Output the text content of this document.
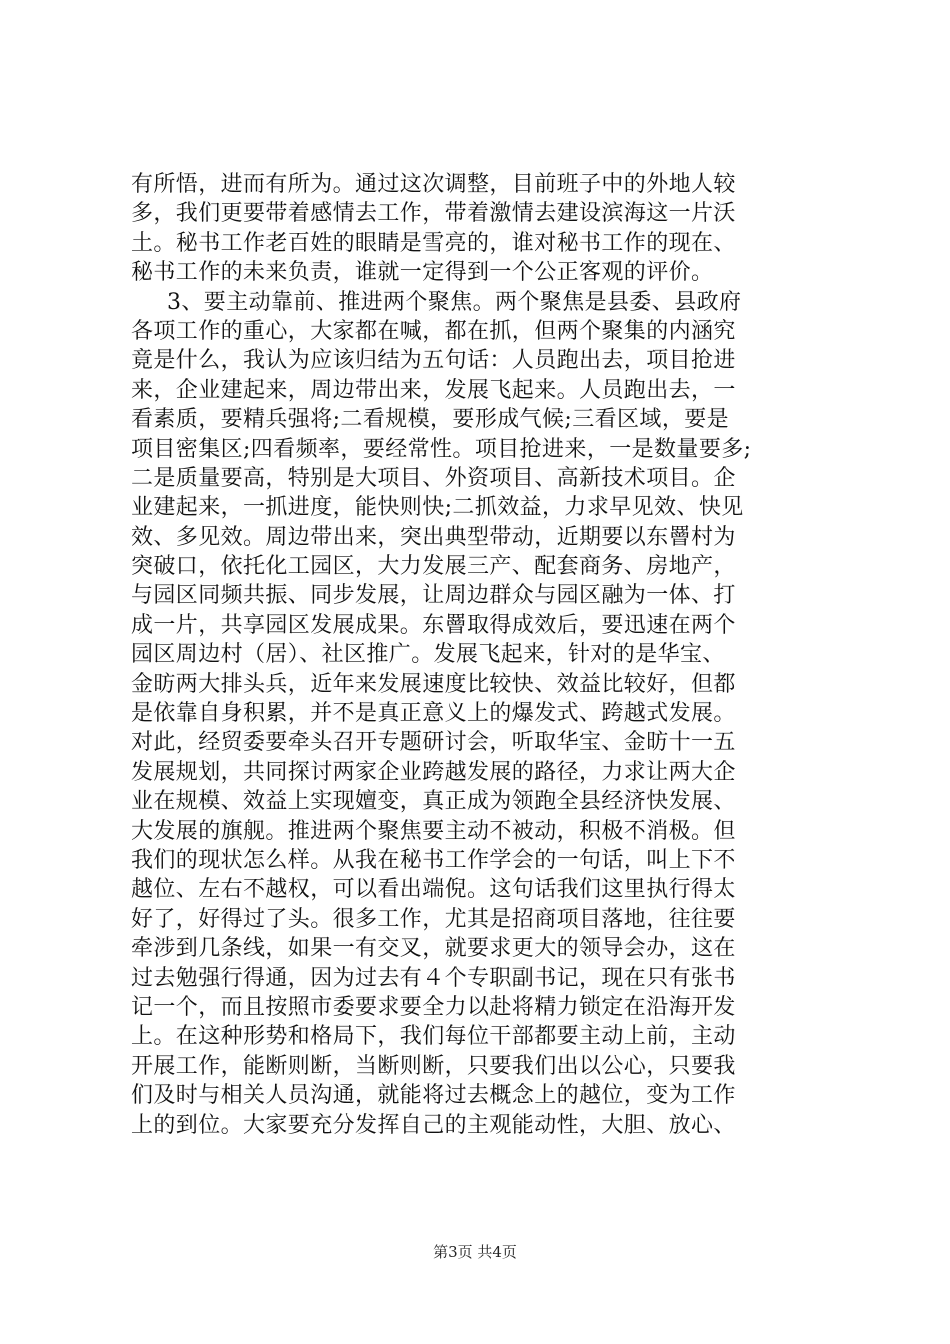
有所悟，进而有所为。通过这次调整，目前班子中的外地人较
多，我们更要带着感情去工作，带着激情去建设滨海这一片沃
土。秘书工作老百姓的眼睛是雪亮的，谁对秘书工作的现在、
秘书工作的未来负责，谁就一定得到一个公正客观的评价。
3、要主动靠前、推进两个聚焦。两个聚焦是县委、县政府
各项工作的重心，大家都在喊，都在抓，但两个聚集的内涵究
竟是什么，我认为应该归结为五句话：人员跑出去，项目抢进
来，企业建起来，周边带出来，发展飞起来。人员跑出去，一
看素质，要精兵强将;二看规模，要形成气候;三看区域，要是
项目密集区;四看频率，要经常性。项目抢进来，一是数量要多;
二是质量要高，特别是大项目、外资项目、高新技术项目。企
业建起来，一抓进度，能快则快;二抓效益，力求早见效、快见
效、多见效。周边带出来，突出典型带动，近期要以东罾村为
突破口，依托化工园区，大力发展三产、配套商务、房地产，
与园区同频共振、同步发展，让周边群众与园区融为一体、打
成一片，共享园区发展成果。东罾取得成效后，要迅速在两个
园区周边村（居）、社区推广。发展飞起来，针对的是华宝、
金昉两大排头兵，近年来发展速度比较快、效益比较好，但都
是依靠自身积累，并不是真正意义上的爆发式、跨越式发展。
对此，经贸委要牵头召开专题研讨会，听取华宝、金昉十一五
发展规划，共同探讨两家企业跨越发展的路径，力求让两大企
业在规模、效益上实现嬗变，真正成为领跑全县经济快发展、
大发展的旗舰。推进两个聚焦要主动不被动，积极不消极。但
我们的现状怎么样。从我在秘书工作学会的一句话，叫上下不
越位、左右不越权，可以看出端倪。这句话我们这里执行得太
好了，好得过了头。很多工作，尤其是招商项目落地，往往要
牵涉到几条线，如果一有交叉，就要求更大的领导会办，这在
过去勉强行得通，因为过去有４个专职副书记，现在只有张书
记一个，而且按照市委要求要全力以赴将精力锁定在沿海开发
上。在这种形势和格局下，我们每位干部都要主动上前，主动
开展工作，能断则断，当断则断，只要我们出以公心，只要我
们及时与相关人员沟通，就能将过去概念上的越位，变为工作
上的到位。大家要充分发挥自己的主观能动性，大胆、放心、
第3页 共4页
